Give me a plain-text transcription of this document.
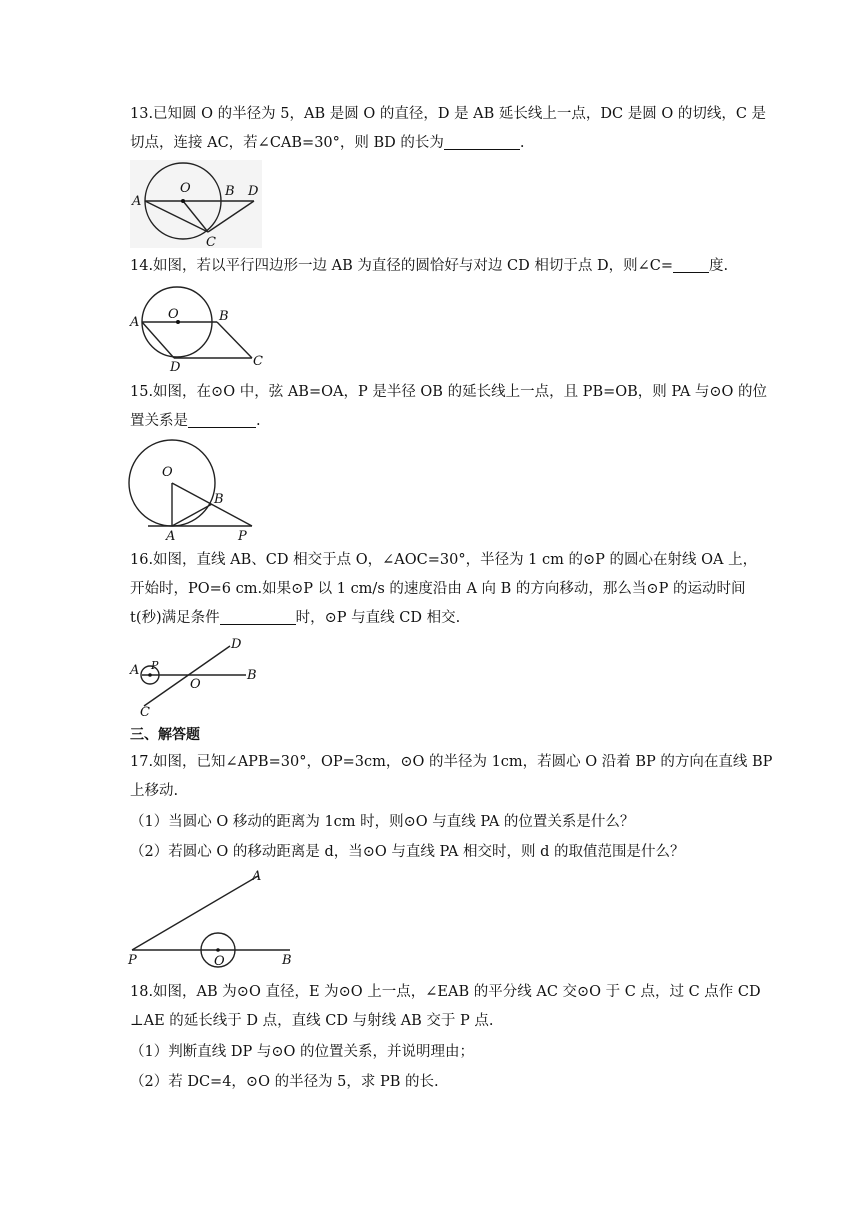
13.已知圆 O 的半径为 5，AB 是圆 O 的直径，D 是 AB 延长线上一点，DC 是圆 O 的切线，C 是
切点，连接 AC，若∠CAB=30°，则 BD 的长为	.
A
O	B D
C
14.如图，若以平行四边形一边 AB 为直径的圆恰好与对边 CD 相切于点 D，则∠C= 度.
A
O	B
D	C
15.如图，在⊙O 中，弦 AB=OA，P 是半径 OB 的延长线上一点，且 PB=OB，则 PA 与⊙O 的位
置关系是	.
O
B
A	P
16.如图，直线 AB、CD 相交于点 O，∠AOC=30°，半径为 1 cm 的⊙P 的圆心在射线 OA 上，
开始时，PO=6 cm.如果⊙P 以 1 cm/s 的速度沿由 A 向 B 的方向移动，那么当⊙P 的运动时间
t(秒)满足条件	时，⊙P 与直线 CD 相交.
A P
O
B
C
D
三、解答题
17.如图，已知∠APB=30°，OP=3cm，⊙O 的半径为 1cm，若圆心 O 沿着 BP 的方向在直线 BP
上移动.
（1）当圆心 O 移动的距离为 1cm 时，则⊙O 与直线 PA 的位置关系是什么？
（2）若圆心 O 的移动距离是 d，当⊙O 与直线 PA 相交时，则 d 的取值范围是什么？
A
P	O	B
18.如图，AB 为⊙O 直径，E 为⊙O 上一点，∠EAB 的平分线 AC 交⊙O 于 C 点，过 C 点作 CD
⊥AE 的延长线于 D 点，直线 CD 与射线 AB 交于 P 点.
（1）判断直线 DP 与⊙O 的位置关系，并说明理由；
（2）若 DC=4，⊙O 的半径为 5，求 PB 的长.
